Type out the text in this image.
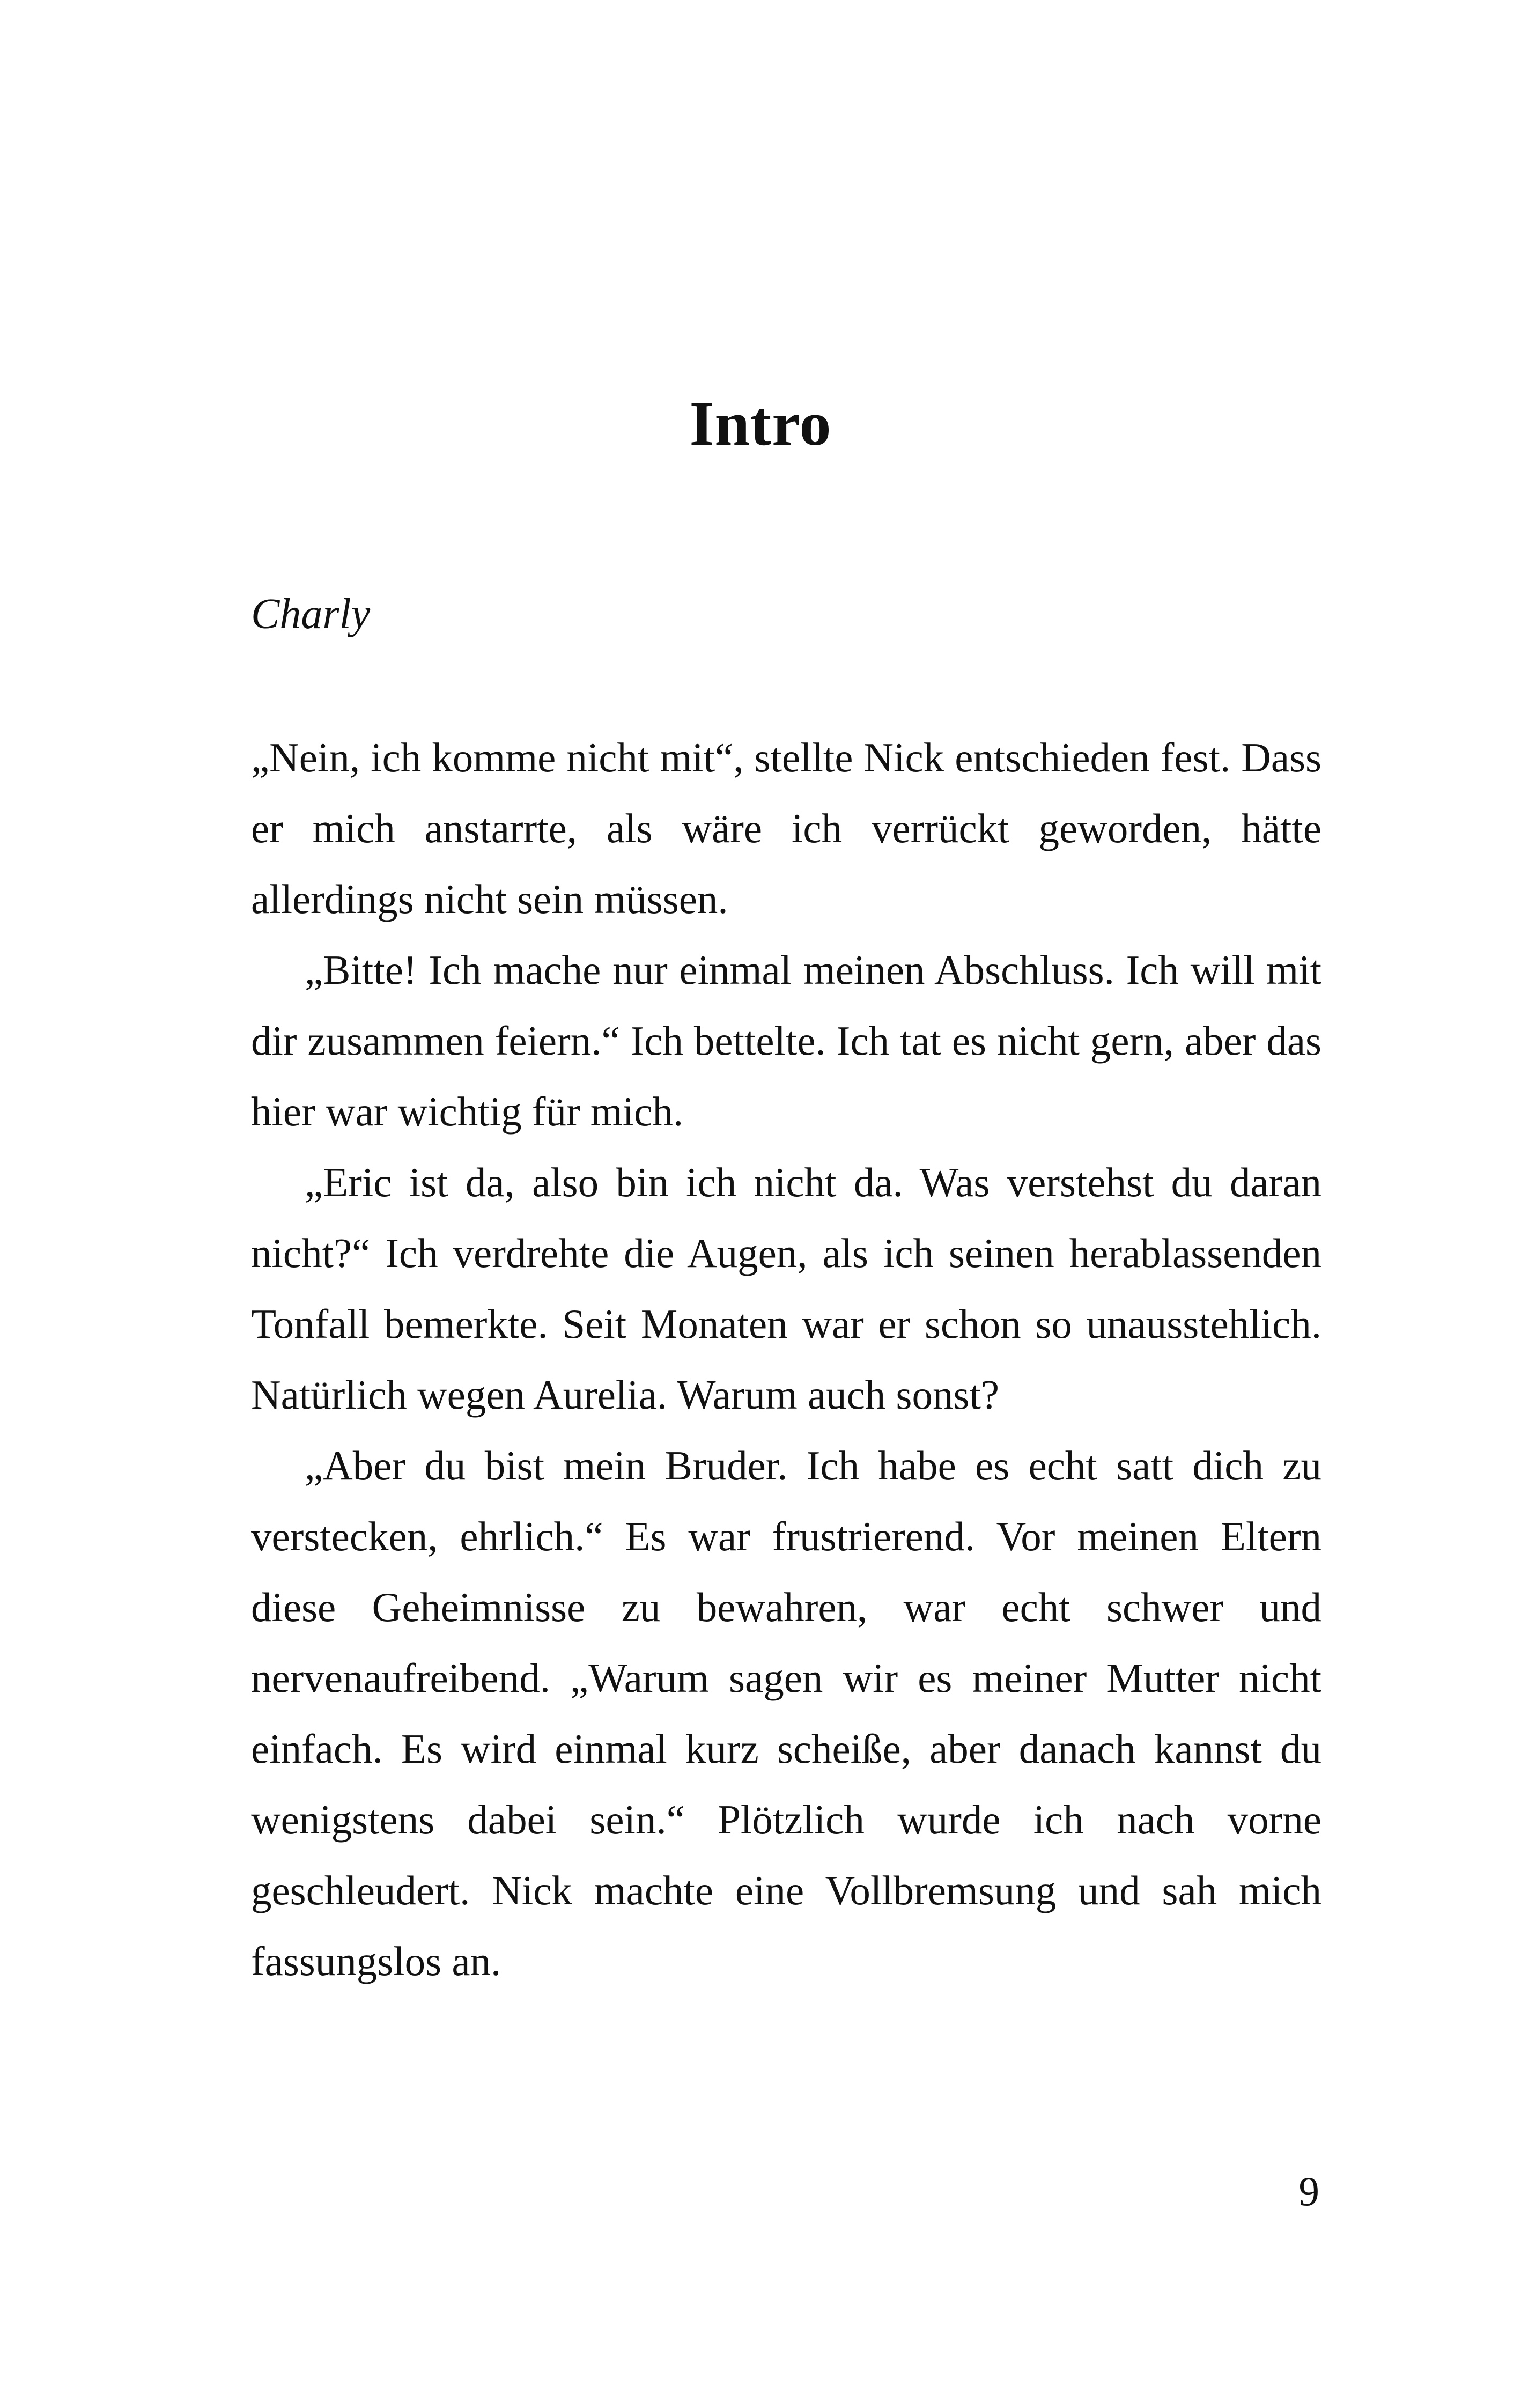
Intro
Charly

„Nein, ich komme nicht mit“, stellte Nick entschieden fest. Dass er mich anstarrte, als wäre ich verrückt geworden, hätte allerdings nicht sein müssen.

„Bitte! Ich mache nur einmal meinen Abschluss. Ich will mit dir zusammen feiern.“ Ich bettelte. Ich tat es nicht gern, aber das hier war wichtig für mich.

„Eric ist da, also bin ich nicht da. Was verstehst du daran nicht?“ Ich verdrehte die Augen, als ich seinen herablassenden Tonfall bemerkte. Seit Monaten war er schon so unausstehlich. Natürlich wegen Aurelia. Warum auch sonst?

„Aber du bist mein Bruder. Ich habe es echt satt dich zu verstecken, ehrlich.“ Es war frustrierend. Vor meinen Eltern diese Geheimnisse zu bewahren, war echt schwer und nervenaufreibend. „Warum sagen wir es meiner Mutter nicht einfach. Es wird einmal kurz scheiße, aber danach kannst du wenigstens dabei sein.“ Plötzlich wurde ich nach vorne geschleudert. Nick machte eine Vollbremsung und sah mich fassungslos an.

9
